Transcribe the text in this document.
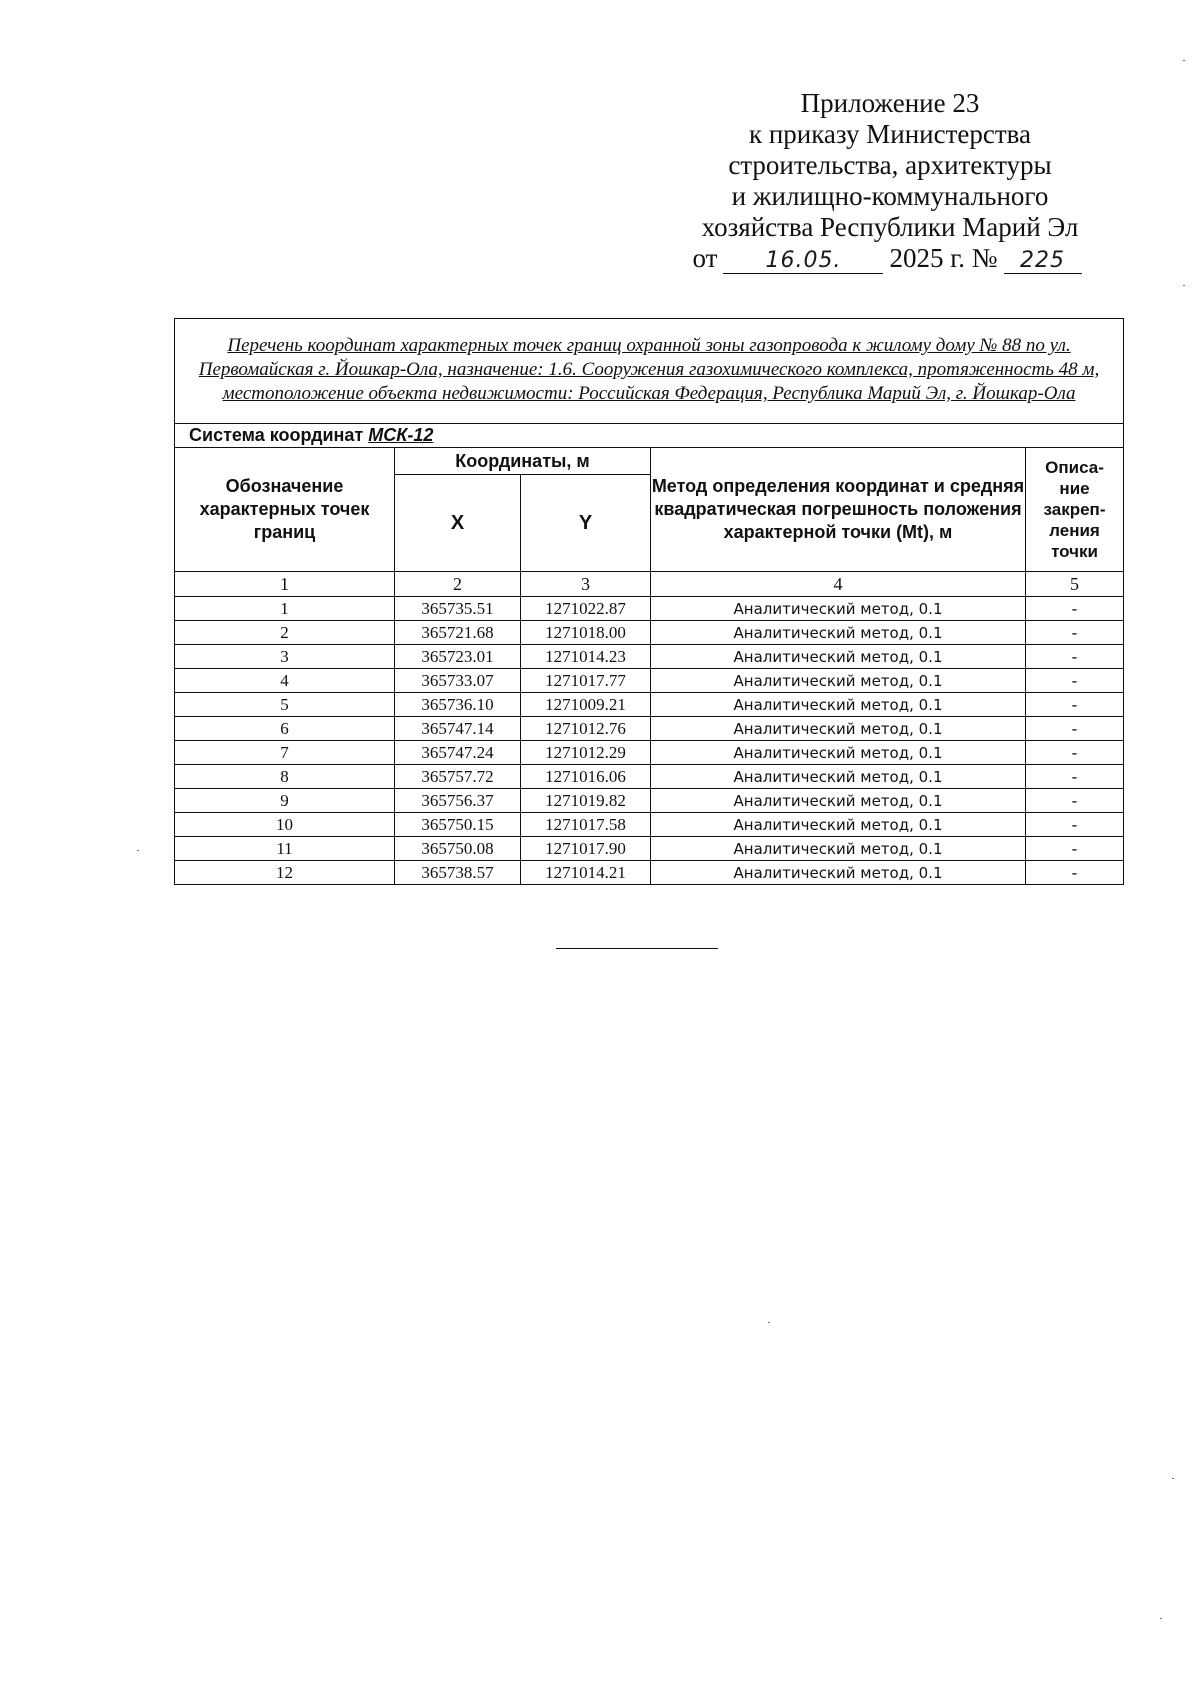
Приложение 23
к приказу Министерства
строительства, архитектуры
и жилищно-коммунального
хозяйства Республики Марий Эл
от	16.05.	2025 г. №	225
Перечень координат характерных точек границ охранной зоны газопровода к жилому дому № 88 по ул. Первомайская г. Йошкар-Ола, назначение: 1.6. Сооружения газохимического комплекса, протяженность 48 м, местоположение объекта недвижимости: Российская Федерация, Республика Марий Эл, г. Йошкар-Ола				
Система координат МСК-12				
Обозначение характерных точек границ	Координаты, м		Метод определения координат и средняя квадратическая погрешность положения характерной точки (Mt), м	Описа-
ние
закреп-
ления
точки

	X	Y		
1	2	3	4	5
1	365735.51	1271022.87	Аналитический метод, 0.1	-
2	365721.68	1271018.00	Аналитический метод, 0.1	-
3	365723.01	1271014.23	Аналитический метод, 0.1	-
4	365733.07	1271017.77	Аналитический метод, 0.1	-
5	365736.10	1271009.21	Аналитический метод, 0.1	-
6	365747.14	1271012.76	Аналитический метод, 0.1	-
7	365747.24	1271012.29	Аналитический метод, 0.1	-
8	365757.72	1271016.06	Аналитический метод, 0.1	-
9	365756.37	1271019.82	Аналитический метод, 0.1	-
10	365750.15	1271017.58	Аналитический метод, 0.1	-
11	365750.08	1271017.90	Аналитический метод, 0.1	-
12	365738.57	1271014.21	Аналитический метод, 0.1	-
